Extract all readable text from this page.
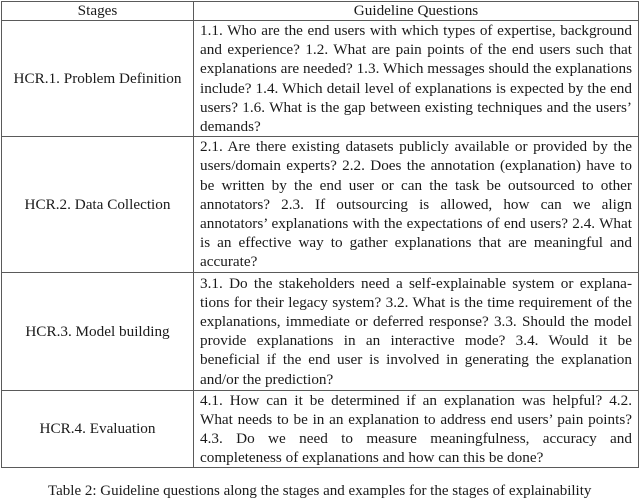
Stages	Guideline Questions
HCR.1. Problem Definition	1.1. Who are the end users with which types of expertise, background and experience? 1.2. What are pain points of the end users such that explanations are needed? 1.3. Which messages should the explanations include? 1.4. Which detail level of explanations is expected by the end users? 1.6. What is the gap between existing techniques and the users’ demands?
HCR.2. Data Collection	2.1. Are there existing datasets publicly available or provided by the users/domain experts? 2.2. Does the annotation (explanation) have to be written by the end user or can the task be outsourced to other annotators? 2.3. If outsourcing is allowed, how can we align annotators’ explanations with the expectations of end users? 2.4. What is an effective way to gather explanations that are meaningful and accurate?
HCR.3. Model building	3.1. Do the stakeholders need a self-explainable system or explanations for their legacy system? 3.2. What is the time requirement of the explanations, immediate or deferred response? 3.3. Should the model provide explanations in an interactive mode? 3.4. Would it be beneficial if the end user is involved in generating the explanation and/or the prediction?
HCR.4. Evaluation	4.1. How can it be determined if an explanation was helpful? 4.2. What needs to be in an explanation to address end users’ pain points? 4.3. Do we need to measure meaningfulness, accuracy and completeness of explanations and how can this be done?
Table 2: Guideline questions along the stages and examples for the stages of explainability
